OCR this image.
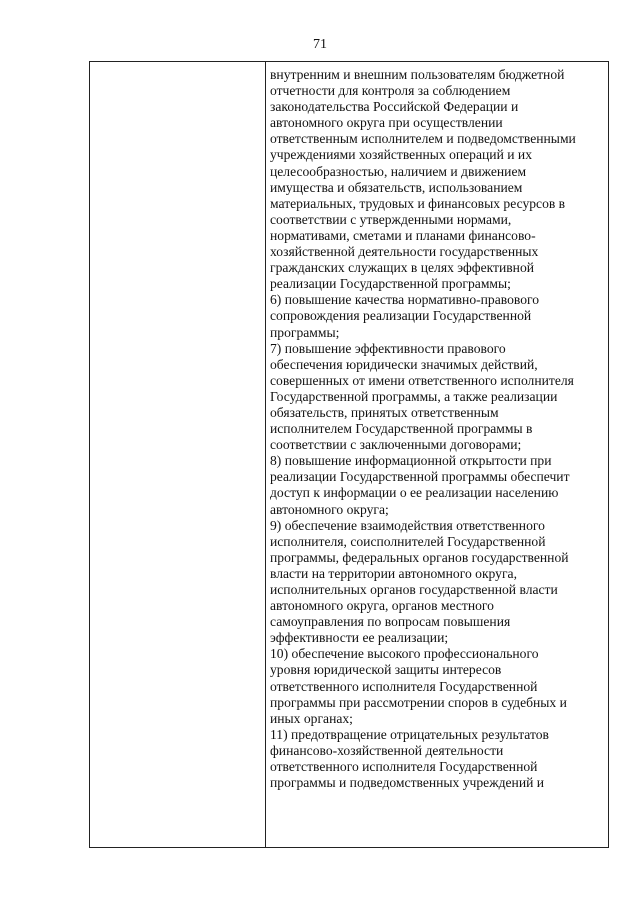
71
внутренним и внешним пользователям бюджетной
отчетности для контроля за соблюдением
законодательства Российской Федерации и
автономного округа при осуществлении
ответственным исполнителем и подведомственными
учреждениями хозяйственных операций и их
целесообразностью, наличием и движением
имущества и обязательств, использованием
материальных, трудовых и финансовых ресурсов в
соответствии с утвержденными нормами,
нормативами, сметами и планами финансово-
хозяйственной деятельности государственных
гражданских служащих в целях эффективной
реализации Государственной программы;
6) повышение качества нормативно-правового
сопровождения реализации Государственной
программы;
7) повышение эффективности правового
обеспечения юридически значимых действий,
совершенных от имени ответственного исполнителя
Государственной программы, а также реализации
обязательств, принятых ответственным
исполнителем Государственной программы в
соответствии с заключенными договорами;
8) повышение информационной открытости при
реализации Государственной программы обеспечит
доступ к информации о ее реализации населению
автономного округа;
9) обеспечение взаимодействия ответственного
исполнителя, соисполнителей Государственной
программы, федеральных органов государственной
власти на территории автономного округа,
исполнительных органов государственной власти
автономного округа, органов местного
самоуправления по вопросам повышения
эффективности ее реализации;
10) обеспечение высокого профессионального
уровня юридической защиты интересов
ответственного исполнителя Государственной
программы при рассмотрении споров в судебных и
иных органах;
11) предотвращение отрицательных результатов
финансово-хозяйственной деятельности
ответственного исполнителя Государственной
программы и подведомственных учреждений и
